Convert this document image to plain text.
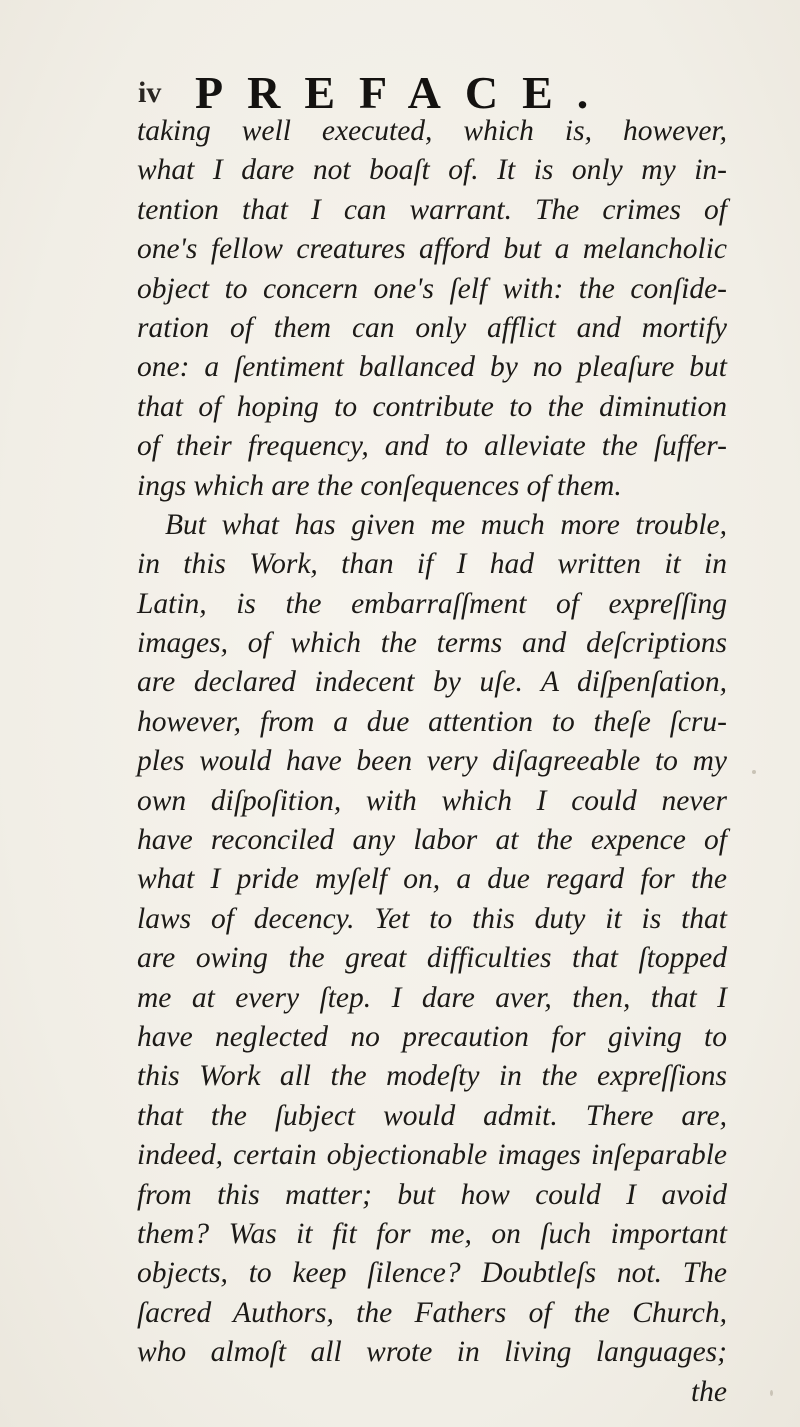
iv PREFACE.
taking well executed, which is, however,
what I dare not boaſt of. It is only my in-
tention that I can warrant. The crimes of
one's fellow creatures afford but a melancholic
object to concern one's ſelf with: the conſide-
ration of them can only afflict and mortify
one: a ſentiment ballanced by no pleaſure but
that of hoping to contribute to the diminution
of their frequency, and to alleviate the ſuffer-
ings which are the conſequences of them.
But what has given me much more trouble,
in this Work, than if I had written it in
Latin, is the embarraſſment of expreſſing
images, of which the terms and deſcriptions
are declared indecent by uſe. A diſpenſation,
however, from a due attention to theſe ſcru-
ples would have been very diſagreeable to my
own diſpoſition, with which I could never
have reconciled any labor at the expence of
what I pride myſelf on, a due regard for the
laws of decency. Yet to this duty it is that
are owing the great difficulties that ſtopped
me at every ſtep. I dare aver, then, that I
have neglected no precaution for giving to
this Work all the modeſty in the expreſſions
that the ſubject would admit. There are,
indeed, certain objectionable images inſeparable
from this matter; but how could I avoid
them? Was it fit for me, on ſuch important
objects, to keep ſilence? Doubtleſs not. The
ſacred Authors, the Fathers of the Church,
who almoſt all wrote in living languages;
the
